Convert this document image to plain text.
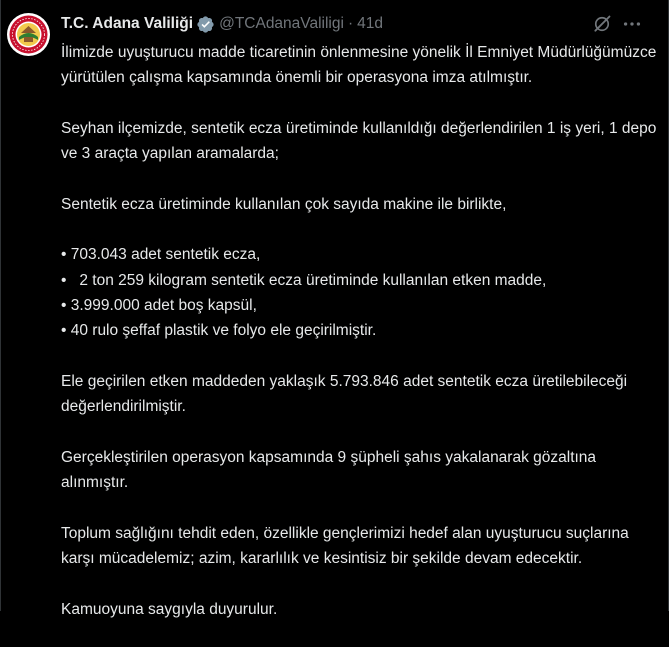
T.C. Adana Valiliği @TCAdanaValiligi · 41d

İlimizde uyuşturucu madde ticaretinin önlenmesine yönelik İl Emniyet Müdürlüğümüzce yürütülen çalışma kapsamında önemli bir operasyona imza atılmıştır.

Seyhan ilçemizde, sentetik ecza üretiminde kullanıldığı değerlendirilen 1 iş yeri, 1 depo ve 3 araçta yapılan aramalarda;

Sentetik ecza üretiminde kullanılan çok sayıda makine ile birlikte,

• 703.043 adet sentetik ecza,
•   2 ton 259 kilogram sentetik ecza üretiminde kullanılan etken madde,
• 3.999.000 adet boş kapsül,
• 40 rulo şeffaf plastik ve folyo ele geçirilmiştir.

Ele geçirilen etken maddeden yaklaşık 5.793.846 adet sentetik ecza üretilebileceği değerlendirilmiştir.

Gerçekleştirilen operasyon kapsamında 9 şüpheli şahıs yakalanarak gözaltına alınmıştır.

Toplum sağlığını tehdit eden, özellikle gençlerimizi hedef alan uyuşturucu suçlarına karşı mücadelemiz; azim, kararlılık ve kesintisiz bir şekilde devam edecektir.

Kamuoyuna saygıyla duyurulur.
